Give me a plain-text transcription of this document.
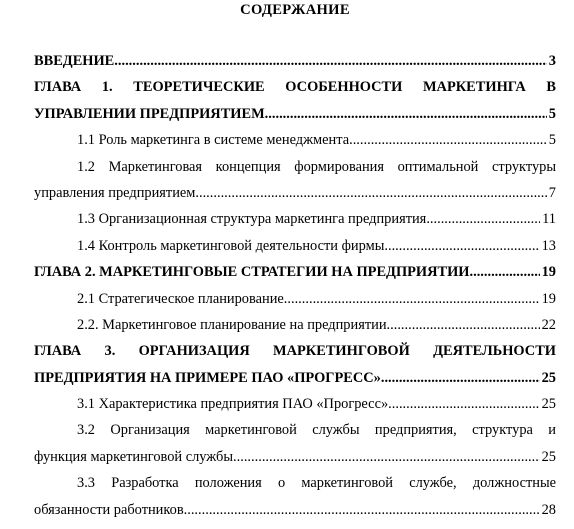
СОДЕРЖАНИЕ
ВВЕДЕНИЕ .....	3
ГЛАВА 1. ТЕОРЕТИЧЕСКИЕ ОСОБЕННОСТИ МАРКЕТИНГА В
УПРАВЛЕНИИ ПРЕДПРИЯТИЕМ .....	5
1.1 Роль маркетинга в системе менеджмента .....	5
1.2 Маркетинговая концепция формирования оптимальной структуры
управления предприятием .....	7
1.3 Организационная структура маркетинга предприятия .....	11
1.4 Контроль маркетинговой деятельности фирмы .....	13
ГЛАВА 2. МАРКЕТИНГОВЫЕ СТРАТЕГИИ НА ПРЕДПРИЯТИИ .....	19
2.1 Стратегическое планирование .....	19
2.2. Маркетинговое планирование на предприятии .....	22
ГЛАВА 3. ОРГАНИЗАЦИЯ МАРКЕТИНГОВОЙ ДЕЯТЕЛЬНОСТИ
ПРЕДПРИЯТИЯ НА ПРИМЕРЕ ПАО «ПРОГРЕСС» .....	25
3.1 Характеристика предприятия ПАО «Прогресс» .....	25
3.2 Организация маркетинговой службы предприятия, структура и
функция маркетинговой службы .....	25
3.3 Разработка положения о маркетинговой службе, должностные
обязанности работников .....	28
